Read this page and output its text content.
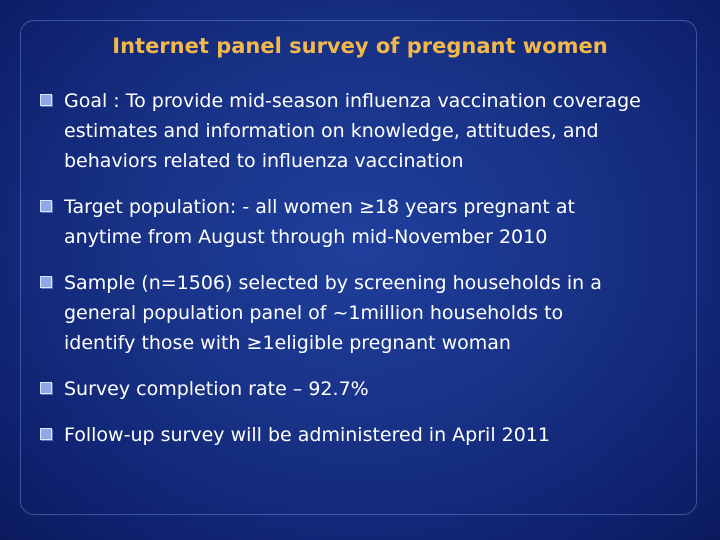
Internet panel survey of pregnant women
Goal : To provide mid-season influenza vaccination coverage
estimates and information on knowledge, attitudes, and
behaviors related to influenza vaccination
Target population: - all women ≥18 years pregnant at
anytime from August through mid-November 2010
Sample (n=1506) selected by screening households in a
general population panel of ~1million households to
identify those with ≥1eligible pregnant woman
Survey completion rate – 92.7%
Follow-up survey will be administered in April 2011
